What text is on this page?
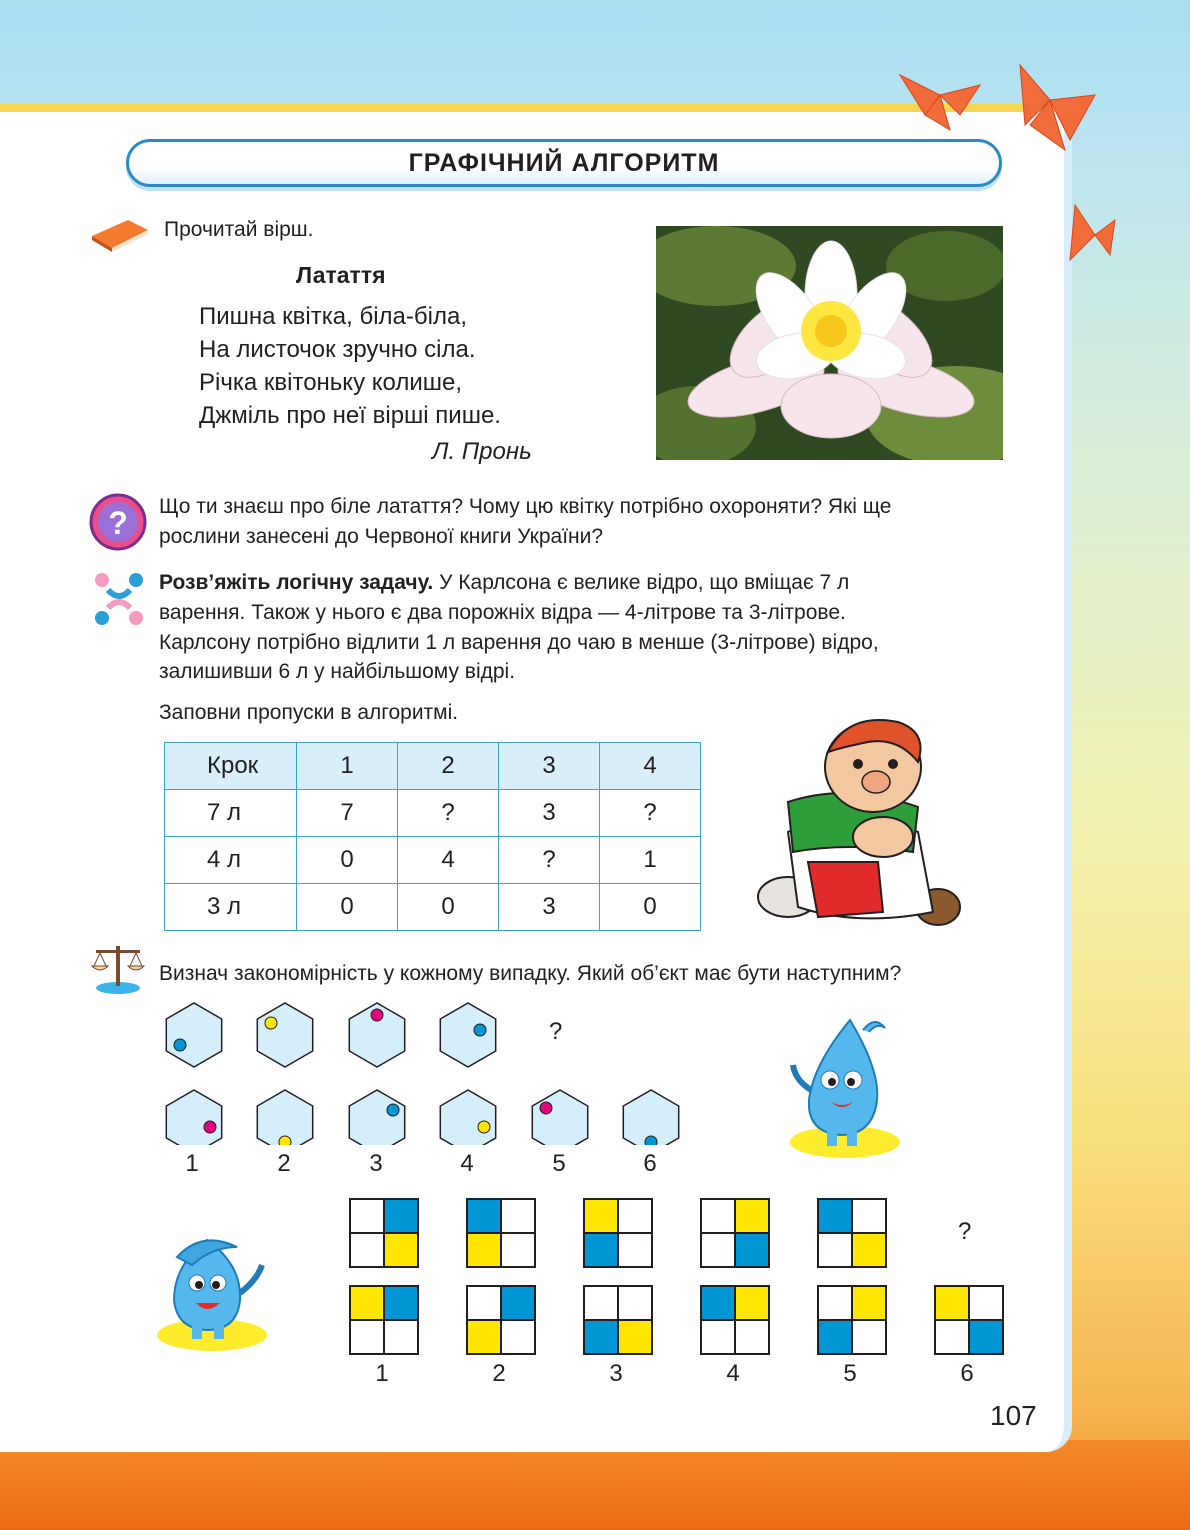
ГРАФІЧНИЙ АЛГОРИТМ
Прочитай вірш.
Латаття
Пишна квітка, біла-біла,
На листочок зручно сіла.
Річка квітоньку колише,
Джміль про неї вірші пише.
Л. Пронь
? Що ти знаєш про біле латаття? Чому цю квітку потрібно охороняти? Які ще
рослини занесені до Червоної книги України?
Розв’яжіть логічну задачу. У Карлсона є велике відро, що вміщає 7 л
варення. Також у нього є два порожніх відра — 4-літрове та 3-літрове.
Карлсону потрібно відлити 1 л варення до чаю в менше (3-літрове) відро,
залишивши 6 л у найбільшому відрі.
Заповни пропуски в алгоритмі.
Крок	1	2	3	4
7 л	7	?	3	?
4 л	0	4	?	1
3 л	0	0	3	0
Визнач закономірність у кожному випадку. Який об’єкт має бути наступним?
?
1	2	3	4	5	6
?
1	2	3	4	5	6
107
